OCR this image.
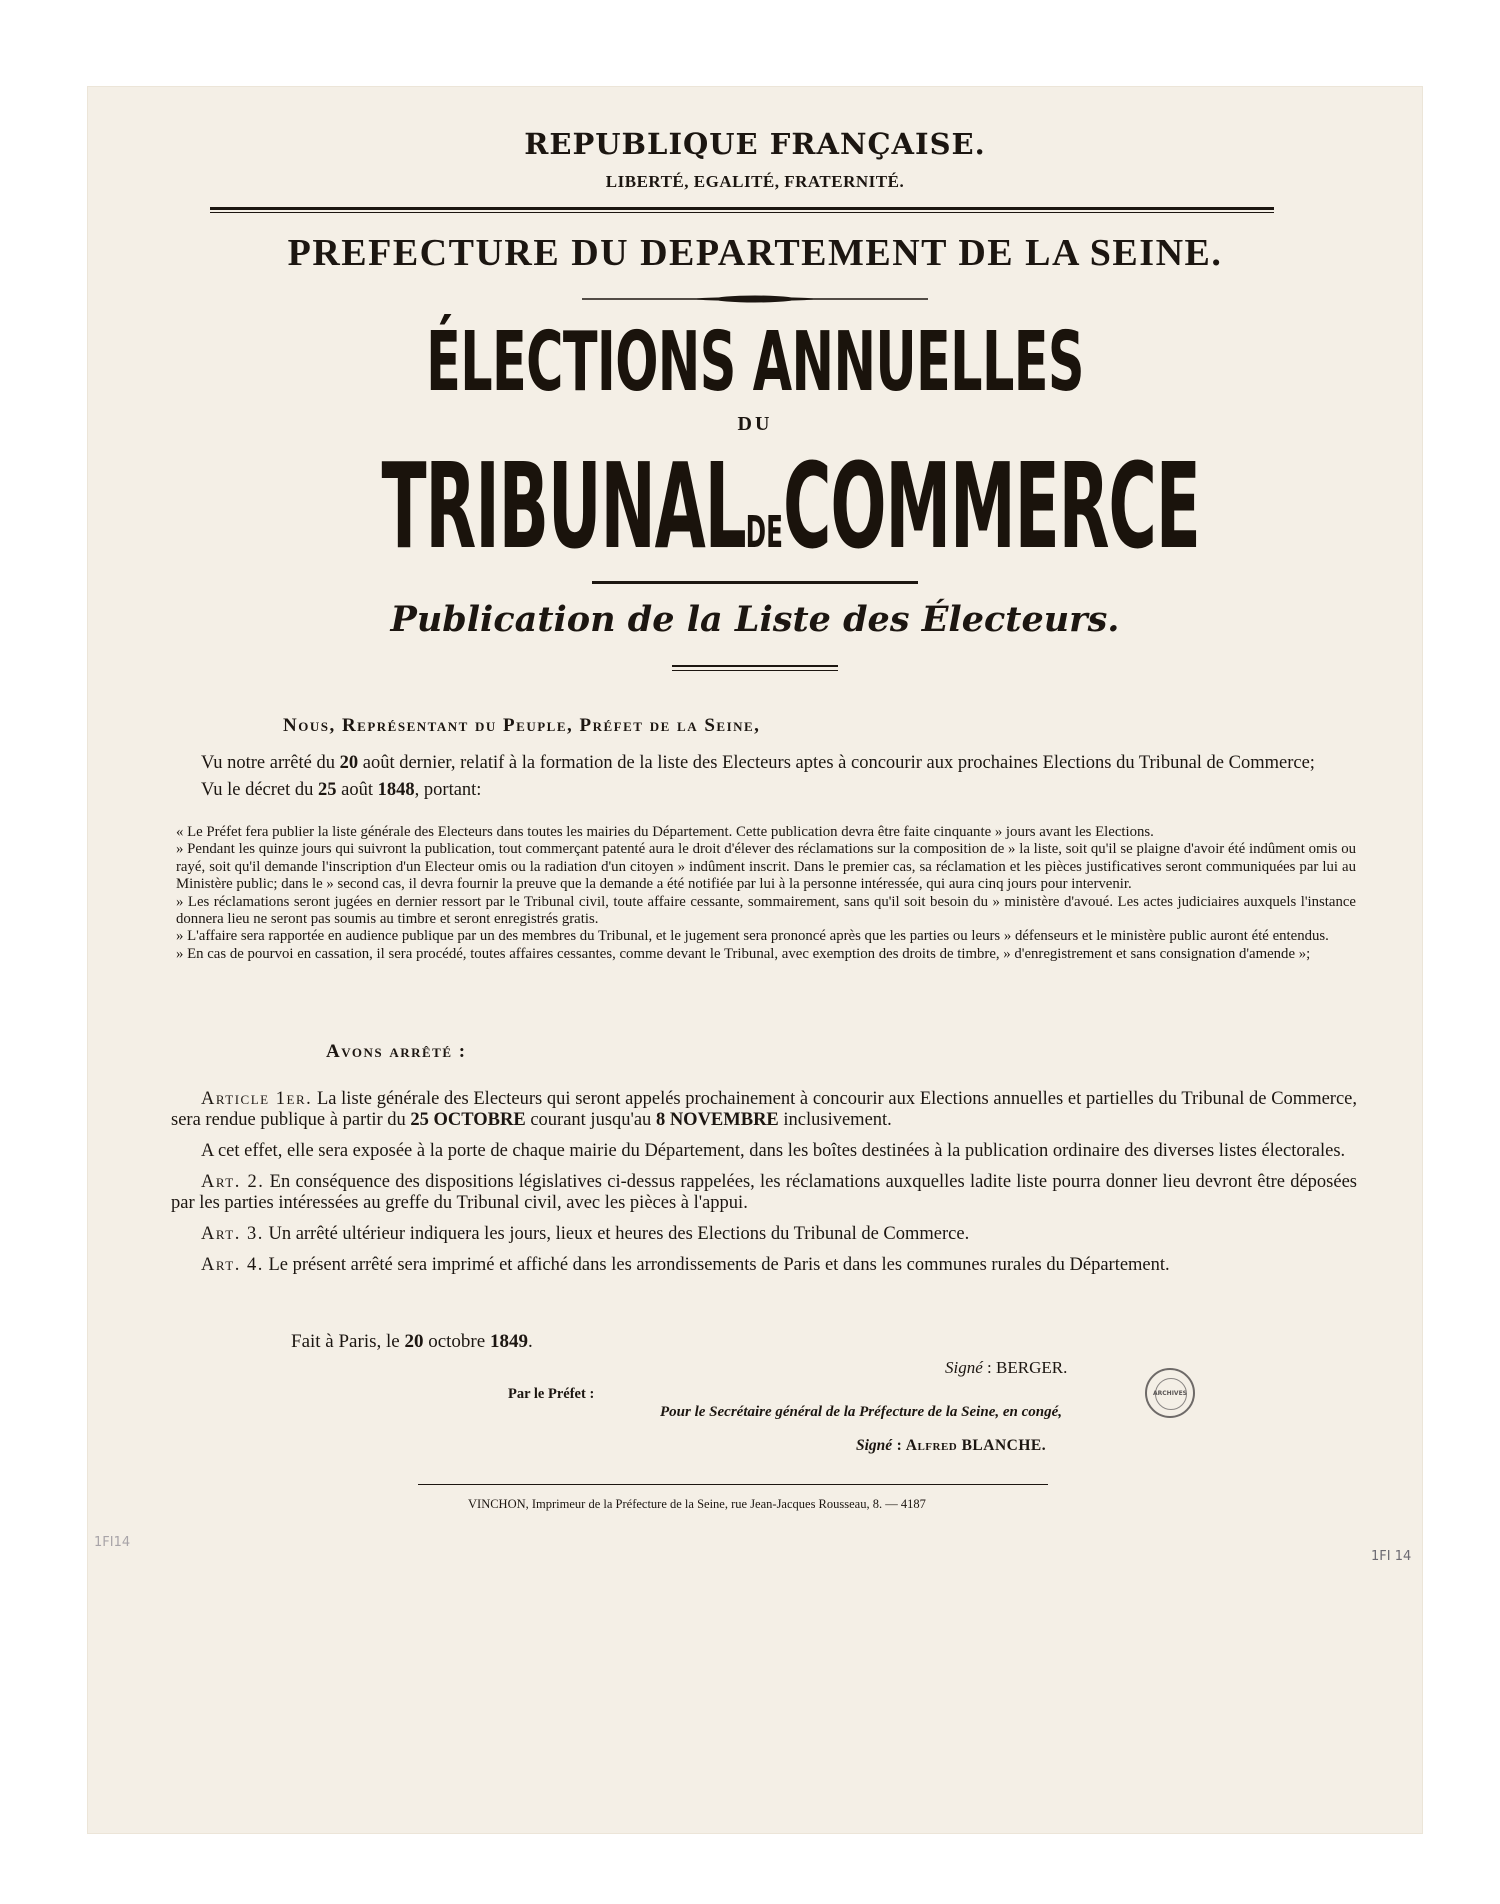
REPUBLIQUE FRANÇAISE.
LIBERTÉ, EGALITÉ, FRATERNITÉ.
PREFECTURE DU DEPARTEMENT DE LA SEINE.
ÉLECTIONS ANNUELLES
DU
TRIBUNALDECOMMERCE
Publication de la Liste des Électeurs.
Nous, Représentant du Peuple, Préfet de la Seine,

Vu notre arrêté du 20 août dernier, relatif à la formation de la liste des Electeurs aptes à concourir aux prochaines Elections du Tribunal de Commerce;

Vu le décret du 25 août 1848, portant:

« Le Préfet fera publier la liste générale des Electeurs dans toutes les mairies du Département. Cette publication devra être faite cinquante » jours avant les Elections.
» Pendant les quinze jours qui suivront la publication, tout commerçant patenté aura le droit d'élever des réclamations sur la composition de » la liste, soit qu'il se plaigne d'avoir été indûment omis ou rayé, soit qu'il demande l'inscription d'un Electeur omis ou la radiation d'un citoyen » indûment inscrit. Dans le premier cas, sa réclamation et les pièces justificatives seront communiquées par lui au Ministère public; dans le » second cas, il devra fournir la preuve que la demande a été notifiée par lui à la personne intéressée, qui aura cinq jours pour intervenir.
» Les réclamations seront jugées en dernier ressort par le Tribunal civil, toute affaire cessante, sommairement, sans qu'il soit besoin du » ministère d'avoué. Les actes judiciaires auxquels l'instance donnera lieu ne seront pas soumis au timbre et seront enregistrés gratis.
» L'affaire sera rapportée en audience publique par un des membres du Tribunal, et le jugement sera prononcé après que les parties ou leurs » défenseurs et le ministère public auront été entendus.
» En cas de pourvoi en cassation, il sera procédé, toutes affaires cessantes, comme devant le Tribunal, avec exemption des droits de timbre, » d'enregistrement et sans consignation d'amende »;
Avons arrêté :

Article 1er. La liste générale des Electeurs qui seront appelés prochainement à concourir aux Elections annuelles et partielles du Tribunal de Commerce, sera rendue publique à partir du 25 OCTOBRE courant jusqu'au 8 NOVEMBRE inclusivement.

A cet effet, elle sera exposée à la porte de chaque mairie du Département, dans les boîtes destinées à la publication ordinaire des diverses listes électorales.

Art. 2. En conséquence des dispositions législatives ci-dessus rappelées, les réclamations auxquelles ladite liste pourra donner lieu devront être déposées par les parties intéressées au greffe du Tribunal civil, avec les pièces à l'appui.

Art. 3. Un arrêté ultérieur indiquera les jours, lieux et heures des Elections du Tribunal de Commerce.

Art. 4. Le présent arrêté sera imprimé et affiché dans les arrondissements de Paris et dans les communes rurales du Département.

Fait à Paris, le 20 octobre 1849.
Signé : BERGER.
Par le Préfet :
Pour le Secrétaire général de la Préfecture de la Seine, en congé,
Signé : Alfred BLANCHE.
VINCHON, Imprimeur de la Préfecture de la Seine, rue Jean-Jacques Rousseau, 8. — 4187
1FI14
1FI 14
ARCHIVES
